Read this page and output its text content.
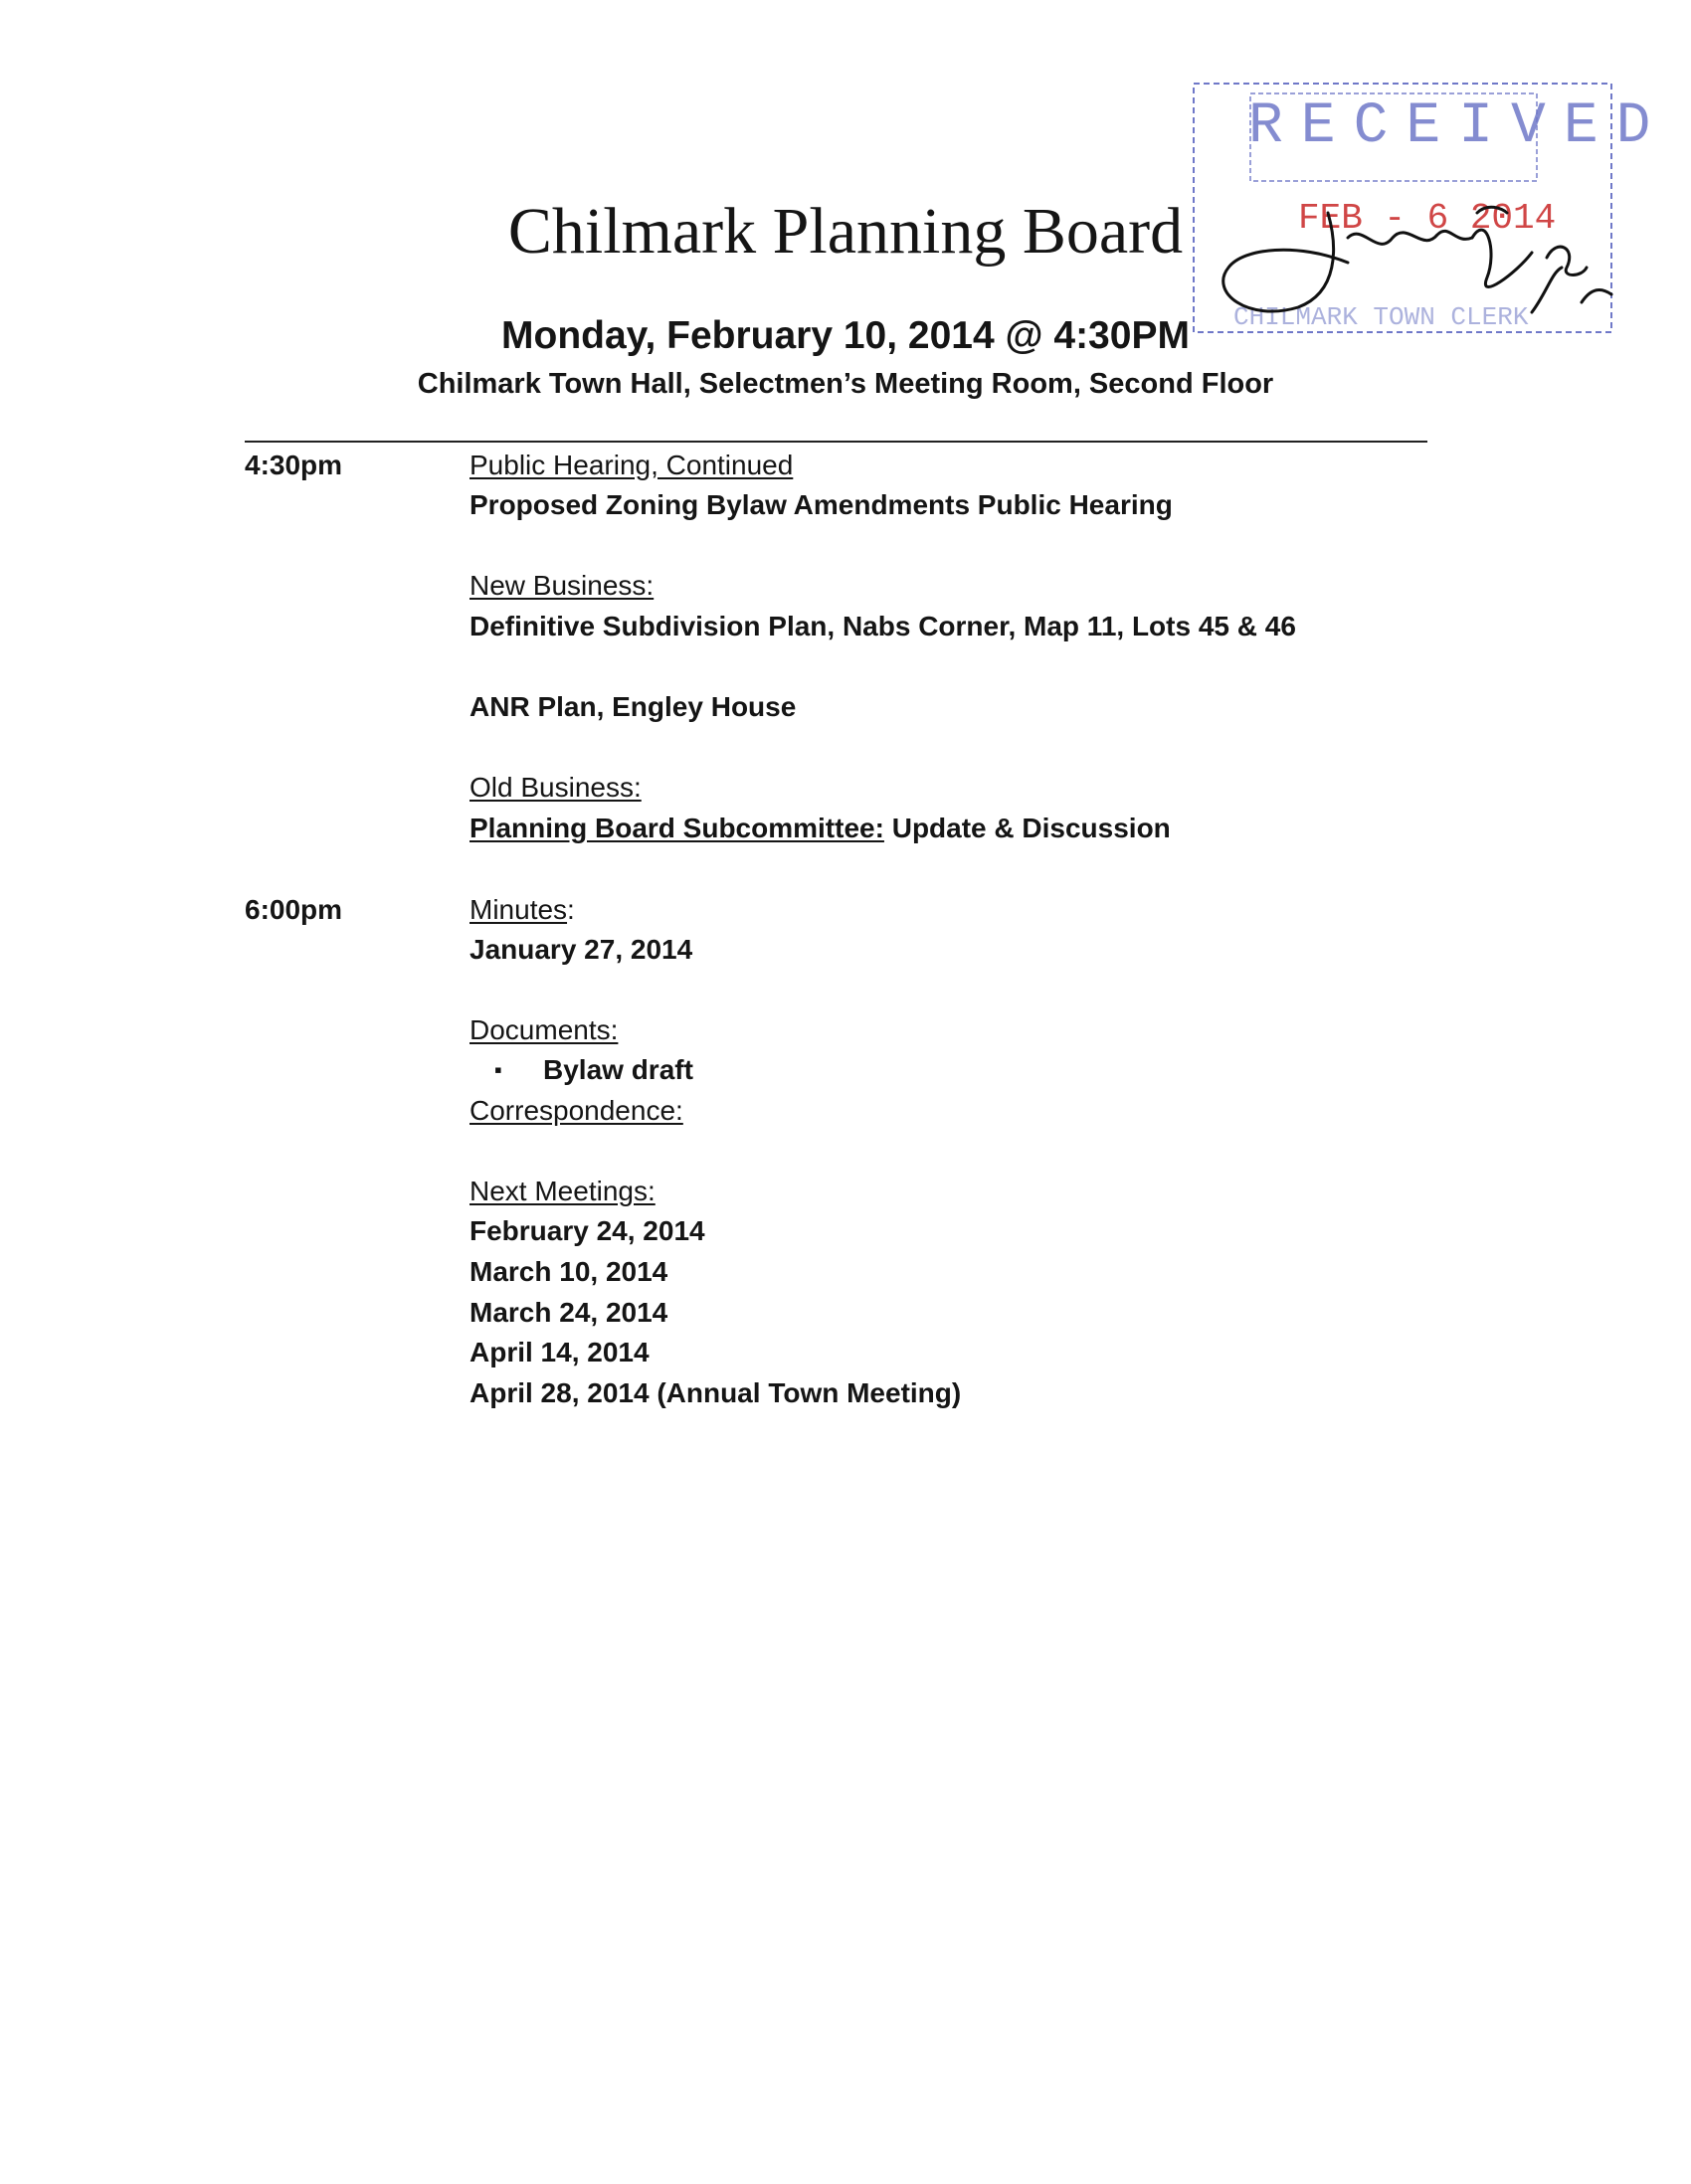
RECEIVED
FEB - 6 2014
CHILMARK TOWN CLERK
Chilmark Planning Board
Monday, February 10, 2014 @ 4:30PM
Chilmark Town Hall, Selectmen’s Meeting Room, Second Floor
4:30pm	Public Hearing, Continued
Proposed Zoning Bylaw Amendments Public Hearing
New Business:
Definitive Subdivision Plan, Nabs Corner, Map 11, Lots 45 & 46
ANR Plan, Engley House
Old Business:
Planning Board Subcommittee: Update & Discussion
6:00pm	Minutes:
January 27, 2014
Documents:
▪ Bylaw draft
Correspondence:
Next Meetings:
February 24, 2014
March 10, 2014
March 24, 2014
April 14, 2014
April 28, 2014 (Annual Town Meeting)
